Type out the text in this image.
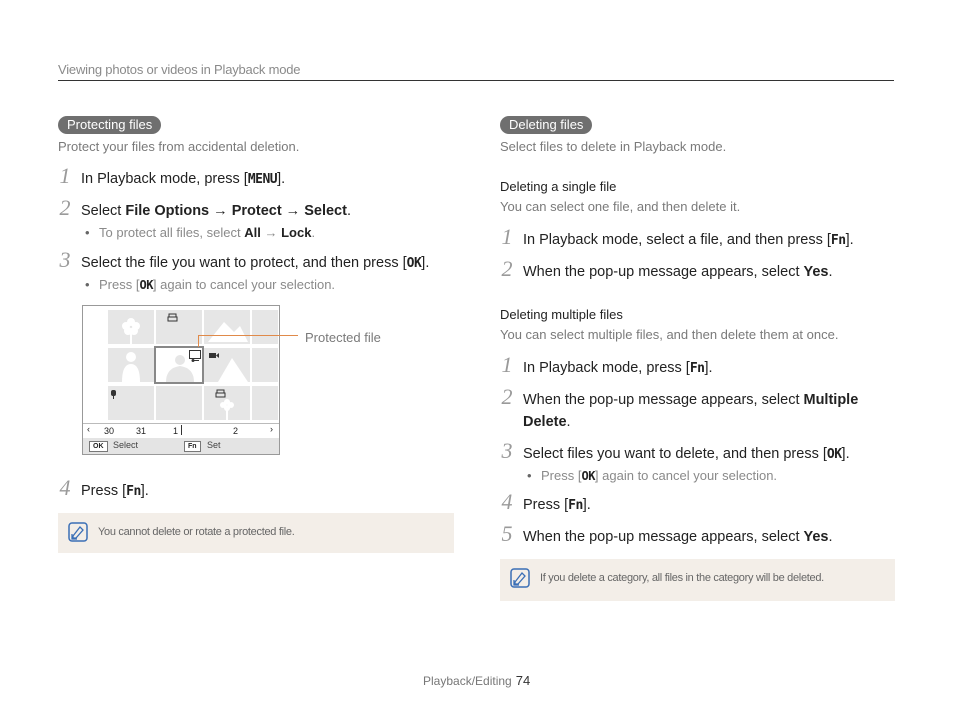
Viewing photos or videos in Playback mode
Protecting files
Protect your files from accidental deletion.
1 In Playback mode, press [MENU].
2 Select File Options → Protect → Select.
• To protect all files, select All → Lock.
3 Select the file you want to protect, and then press [OK].
• Press [OK] again to cancel your selection.
‹ 30 31	1	2	›
OK	Select	Fn	Set
Protected file
4 Press [Fn].
You cannot delete or rotate a protected file.
Deleting files
Select files to delete in Playback mode.
Deleting a single file
You can select one file, and then delete it.
1 In Playback mode, select a file, and then press [Fn].
2 When the pop-up message appears, select Yes.
Deleting multiple files
You can select multiple files, and then delete them at once.
1 In Playback mode, press [Fn].
2 When the pop-up message appears, select Multiple Delete.
3 Select files you want to delete, and then press [OK].
• Press [OK] again to cancel your selection.
4 Press [Fn].
5 When the pop-up message appears, select Yes.
If you delete a category, all files in the category will be deleted.
Playback/Editing 74
